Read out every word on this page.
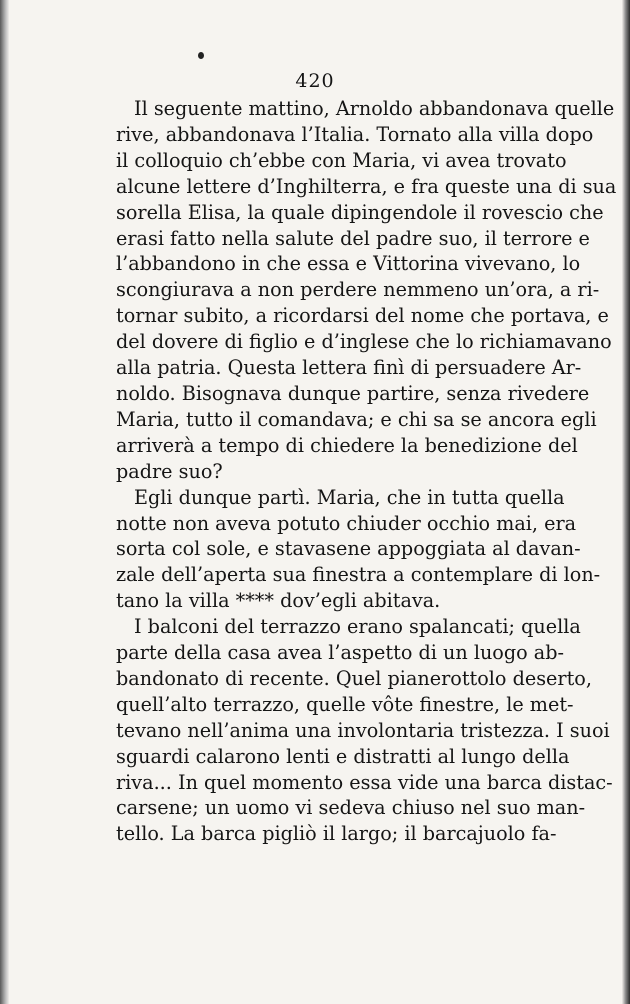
420
Il seguente mattino, Arnoldo abbandonava quelle
rive, abbandonava l’Italia. Tornato alla villa dopo
il colloquio ch’ebbe con Maria, vi avea trovato
alcune lettere d’Inghilterra, e fra queste una di sua
sorella Elisa, la quale dipingendole il rovescio che
erasi fatto nella salute del padre suo, il terrore e
l’abbandono in che essa e Vittorina vivevano, lo
scongiurava a non perdere nemmeno un’ora, a ri-
tornar subito, a ricordarsi del nome che portava, e
del dovere di figlio e d’inglese che lo richiamavano
alla patria. Questa lettera finì di persuadere Ar-
noldo. Bisognava dunque partire, senza rivedere
Maria, tutto il comandava; e chi sa se ancora egli
arriverà a tempo di chiedere la benedizione del
padre suo?
Egli dunque partì. Maria, che in tutta quella
notte non aveva potuto chiuder occhio mai, era
sorta col sole, e stavasene appoggiata al davan-
zale dell’aperta sua finestra a contemplare di lon-
tano la villa **** dov’egli abitava.
I balconi del terrazzo erano spalancati; quella
parte della casa avea l’aspetto di un luogo ab-
bandonato di recente. Quel pianerottolo deserto,
quell’alto terrazzo, quelle vôte finestre, le met-
tevano nell’anima una involontaria tristezza. I suoi
sguardi calarono lenti e distratti al lungo della
riva... In quel momento essa vide una barca distac-
carsene; un uomo vi sedeva chiuso nel suo man-
tello. La barca pigliò il largo; il barcajuolo fa-
